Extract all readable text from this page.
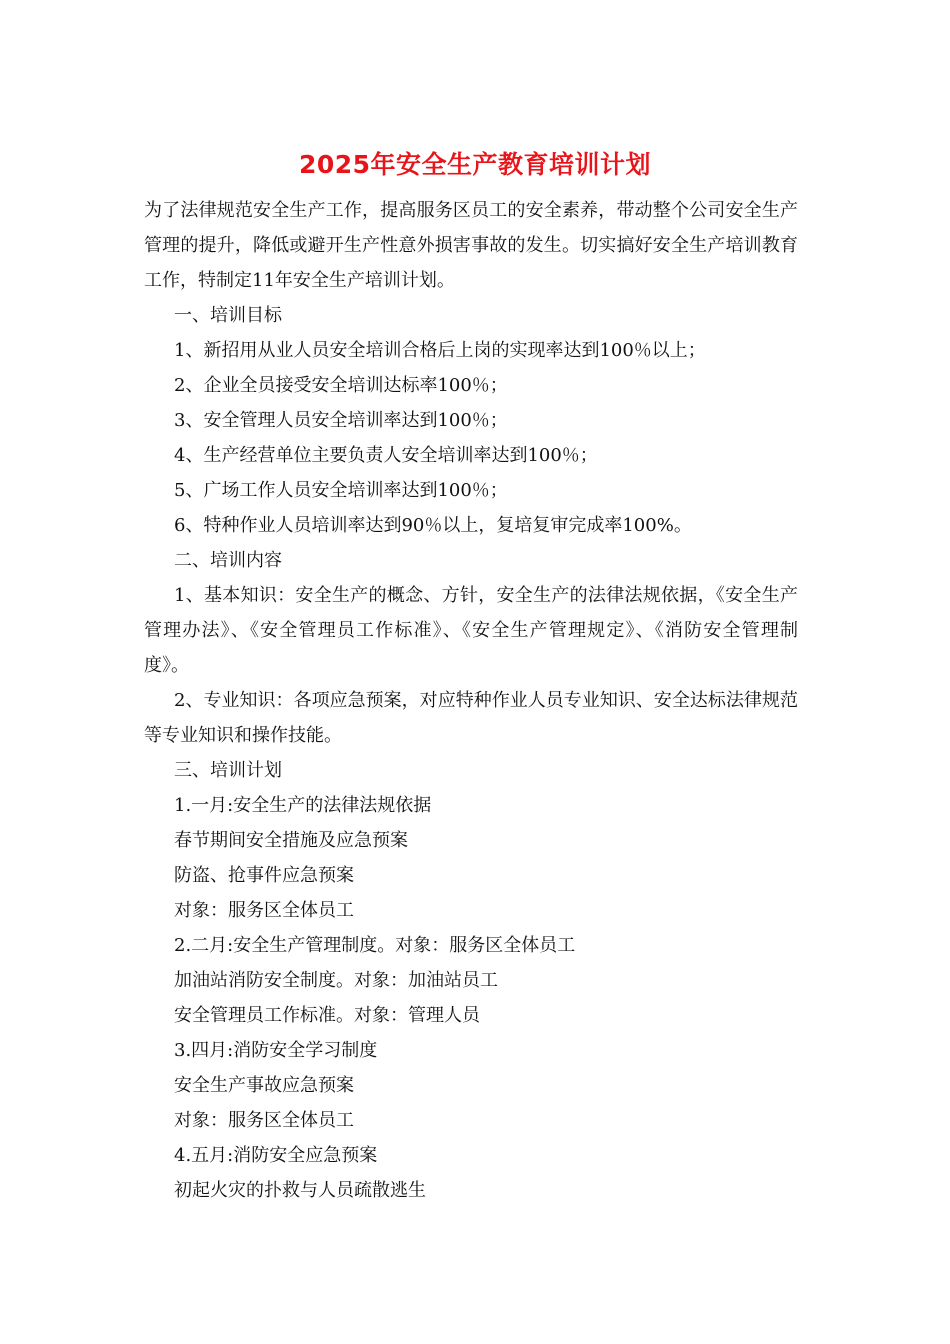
2025年安全生产教育培训计划

为了法律规范安全生产工作，提高服务区员工的安全素养，带动整个公司安全生产管理的提升，降低或避开生产性意外损害事故的发生。切实搞好安全生产培训教育工作，特制定11年安全生产培训计划。

一、培训目标

1、新招用从业人员安全培训合格后上岗的实现率达到100％以上；

2、企业全员接受安全培训达标率100％；

3、安全管理人员安全培训率达到100％；

4、生产经营单位主要负责人安全培训率达到100％；

5、广场工作人员安全培训率达到100％；

6、特种作业人员培训率达到90％以上，复培复审完成率100%。

二、培训内容

1、基本知识：安全生产的概念、方针，安全生产的法律法规依据，《安全生产管理办法》、《安全管理员工作标准》、《安全生产管理规定》、《消防安全管理制度》。

2、专业知识：各项应急预案，对应特种作业人员专业知识、安全达标法律规范等专业知识和操作技能。

三、培训计划

1.一月:安全生产的法律法规依据

春节期间安全措施及应急预案

防盗、抢事件应急预案

对象：服务区全体员工

2.二月:安全生产管理制度。对象：服务区全体员工

加油站消防安全制度。对象：加油站员工

安全管理员工作标准。对象：管理人员

3.四月:消防安全学习制度

安全生产事故应急预案

对象：服务区全体员工

4.五月:消防安全应急预案

初起火灾的扑救与人员疏散逃生
